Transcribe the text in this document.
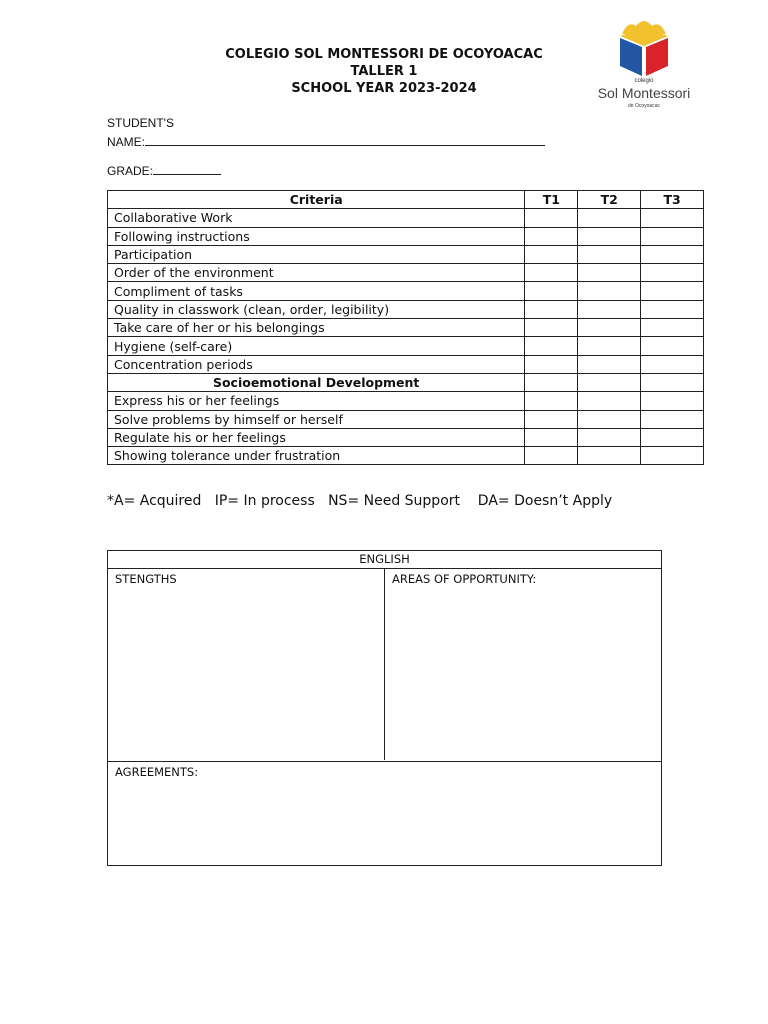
COLEGIO SOL MONTESSORI DE OCOYOACAC
TALLER 1
SCHOOL YEAR 2023-2024	colegio
Sol Montessori
de Ocoyoacac
STUDENT'S
NAME:
GRADE:
Criteria	T1	T2	T3
Collaborative Work			
Following instructions			
Participation			
Order of the environment			
Compliment of tasks			
Quality in classwork (clean, order, legibility)			
Take care of her or his belongings			
Hygiene (self-care)			
Concentration periods			
Socioemotional Development			
Express his or her feelings			
Solve problems by himself or herself			
Regulate his or her feelings			
Showing tolerance under frustration			
*A= Acquired   IP= In process   NS= Need Support    DA= Doesn’t Apply
ENGLISH
STENGTHS	AREAS OF OPPORTUNITY:
AGREEMENTS:
